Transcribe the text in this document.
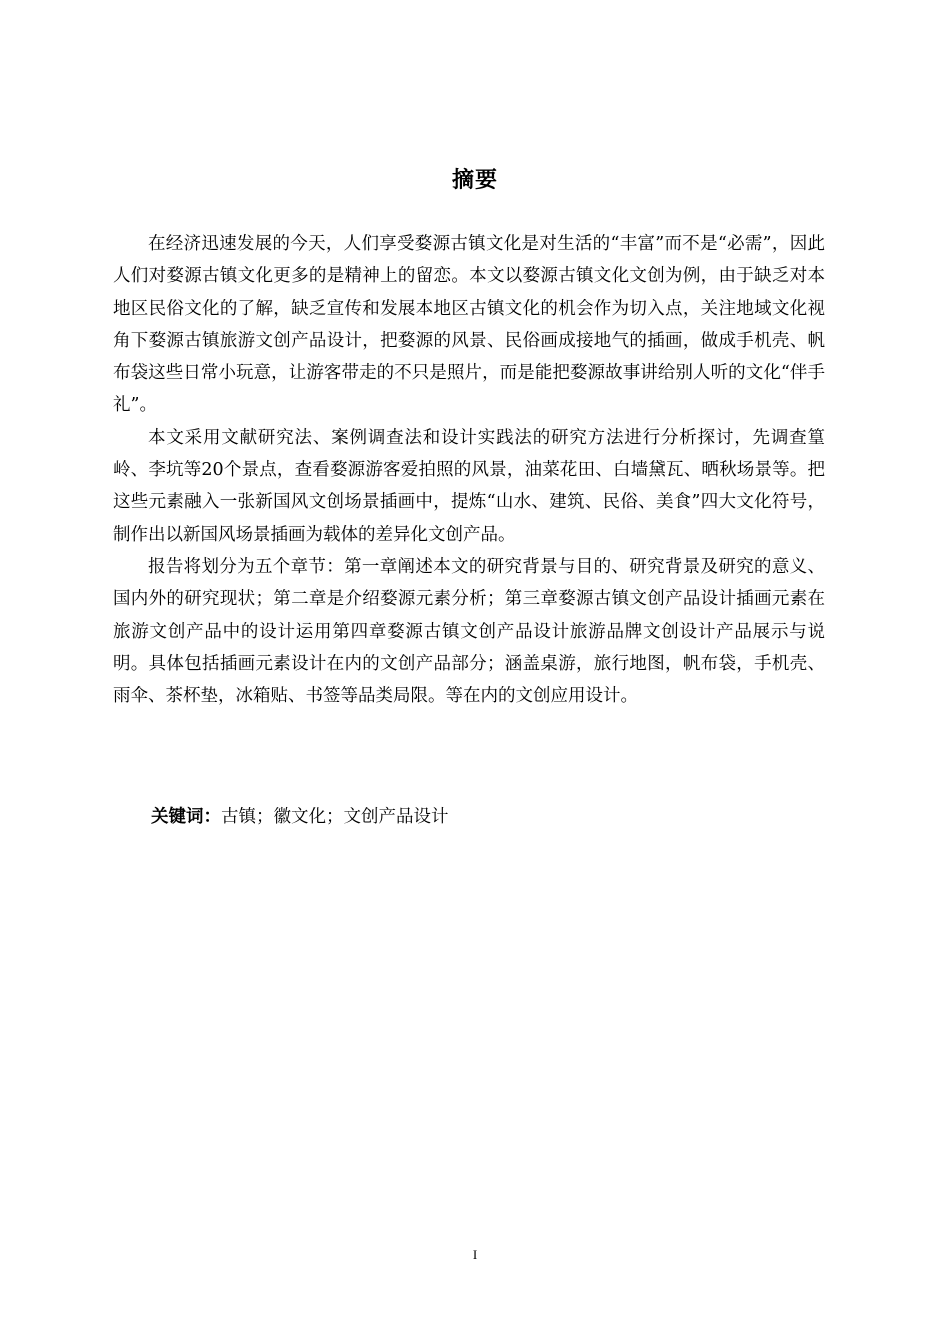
摘要

在经济迅速发展的今天，人们享受婺源古镇文化是对生活的“丰富”而不是“必需”，因此人们对婺源古镇文化更多的是精神上的留恋。本文以婺源古镇文化文创为例，由于缺乏对本地区民俗文化的了解，缺乏宣传和发展本地区古镇文化的机会作为切入点，关注地域文化视角下婺源古镇旅游文创产品设计，把婺源的风景、民俗画成接地气的插画，做成手机壳、帆布袋这些日常小玩意，让游客带走的不只是照片，而是能把婺源故事讲给别人听的文化“伴手礼”。

本文采用文献研究法、案例调查法和设计实践法的研究方法进行分析探讨，先调查篁岭、李坑等20个景点，查看婺源游客爱拍照的风景，油菜花田、白墙黛瓦、晒秋场景等。把这些元素融入一张新国风文创场景插画中，提炼“山水、建筑、民俗、美食”四大文化符号，制作出以新国风场景插画为载体的差异化文创产品。

报告将划分为五个章节：第一章阐述本文的研究背景与目的、研究背景及研究的意义、国内外的研究现状；第二章是介绍婺源元素分析；第三章婺源古镇文创产品设计插画元素在旅游文创产品中的设计运用第四章婺源古镇文创产品设计旅游品牌文创设计产品展示与说明。具体包括插画元素设计在内的文创产品部分；涵盖桌游，旅行地图，帆布袋，手机壳、雨伞、茶杯垫，冰箱贴、书签等品类局限。等在内的文创应用设计。

关键词：古镇；徽文化；文创产品设计
I
